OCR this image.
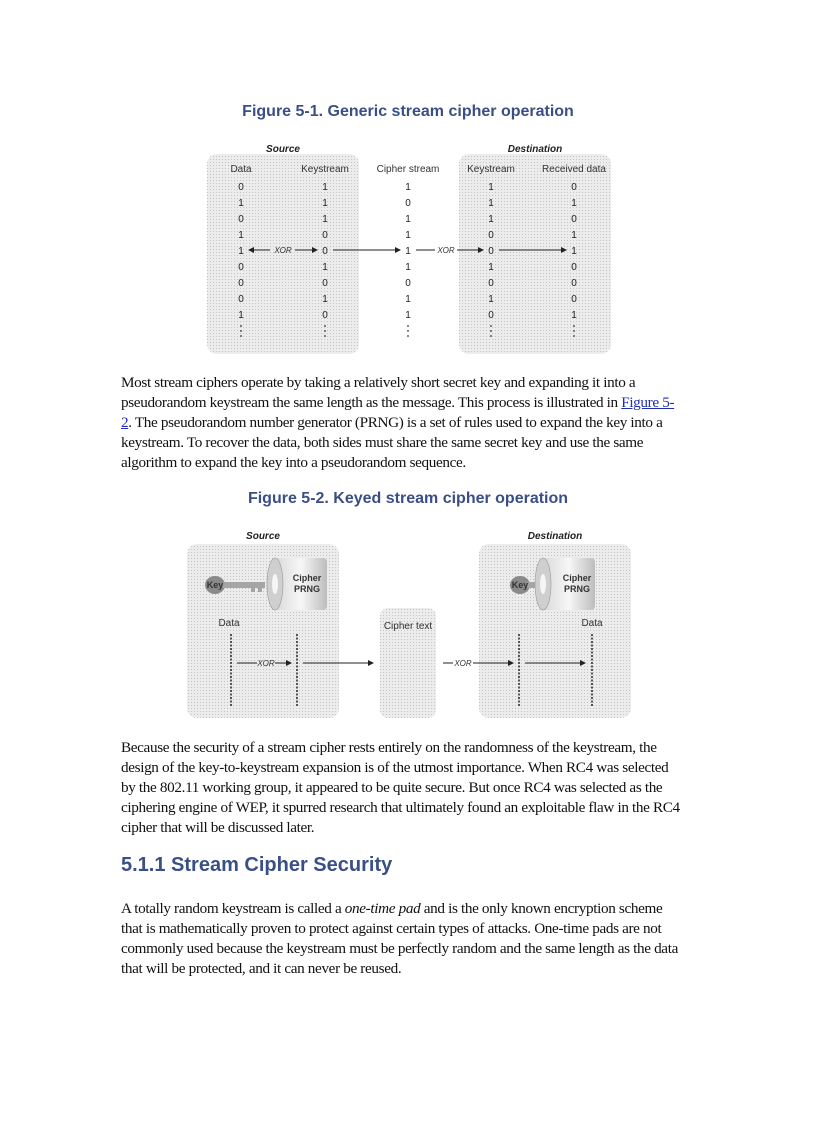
Figure 5-1. Generic stream cipher operation
Source	Destination
Data	Keystream	Cipher stream	Keystream	Received data
0	1	1	1	0
1	1	0	1	1
0	1	1	1	0
1	0	1	0	1
1	0	1	0	1
0	1	1	1	0
0	0	0	0	0
0	1	1	1	0
1	0	1	0	1
XOR	XOR

Most stream ciphers operate by taking a relatively short secret key and expanding it into a pseudorandom keystream the same length as the message. This process is illustrated in Figure 5-2. The pseudorandom number generator (PRNG) is a set of rules used to expand the key into a keystream. To recover the data, both sides must share the same secret key and use the same algorithm to expand the key into a pseudorandom sequence.

Figure 5-2. Keyed stream cipher operation
Source	Destination
Key
Cipher
PRNG	Key
Cipher
PRNG
Data	Data
Cipher text
XOR	XOR

Because the security of a stream cipher rests entirely on the randomness of the keystream, the design of the key-to-keystream expansion is of the utmost importance. When RC4 was selected by the 802.11 working group, it appeared to be quite secure. But once RC4 was selected as the ciphering engine of WEP, it spurred research that ultimately found an exploitable flaw in the RC4 cipher that will be discussed later.

5.1.1 Stream Cipher Security

A totally random keystream is called a one-time pad and is the only known encryption scheme that is mathematically proven to protect against certain types of attacks. One-time pads are not commonly used because the keystream must be perfectly random and the same length as the data that will be protected, and it can never be reused.
